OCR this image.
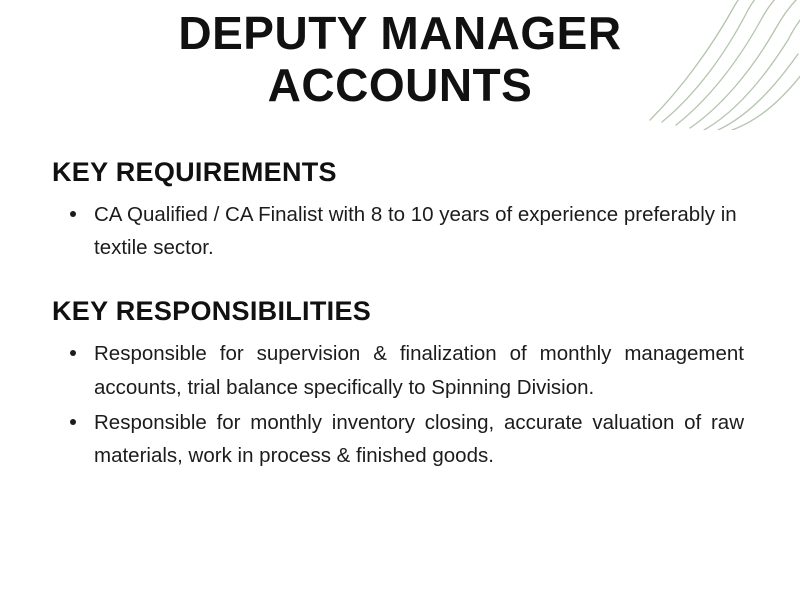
DEPUTY MANAGER ACCOUNTS
KEY REQUIREMENTS
CA Qualified / CA Finalist with 8 to 10 years of experience preferably in textile sector.
KEY RESPONSIBILITIES
Responsible for supervision & finalization of monthly management accounts, trial balance specifically to Spinning Division.
Responsible for monthly inventory closing, accurate valuation of raw materials, work in process & finished goods.
